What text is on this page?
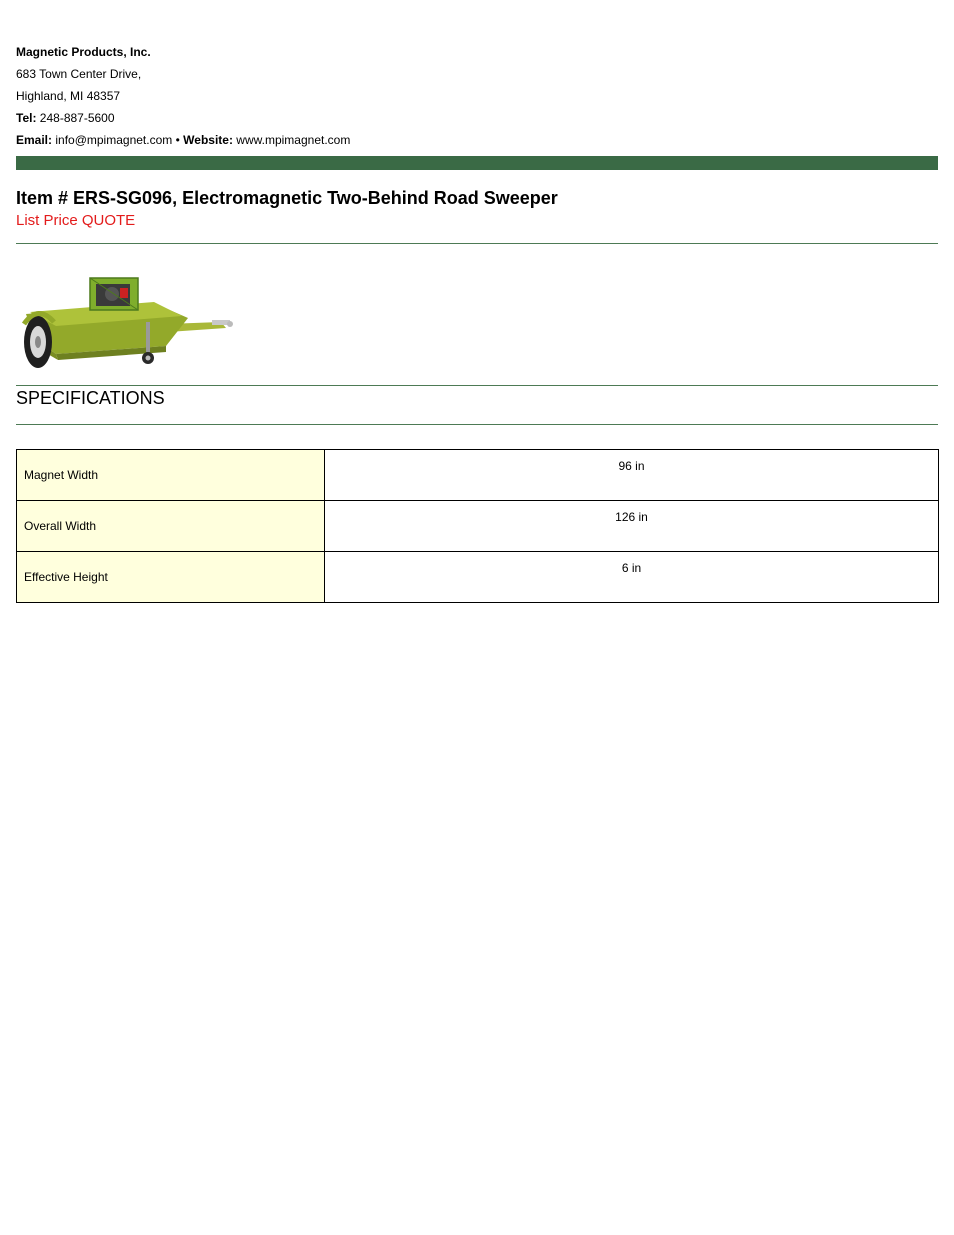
Magnetic Products, Inc.
683 Town Center Drive,
Highland, MI 48357
Tel: 248-887-5600
Email: info@mpimagnet.com • Website: www.mpimagnet.com
Item # ERS-SG096, Electromagnetic Two-Behind Road Sweeper
List Price QUOTE
SPECIFICATIONS
Magnet Width	96 in
Overall Width	126 in
Effective Height	6 in
